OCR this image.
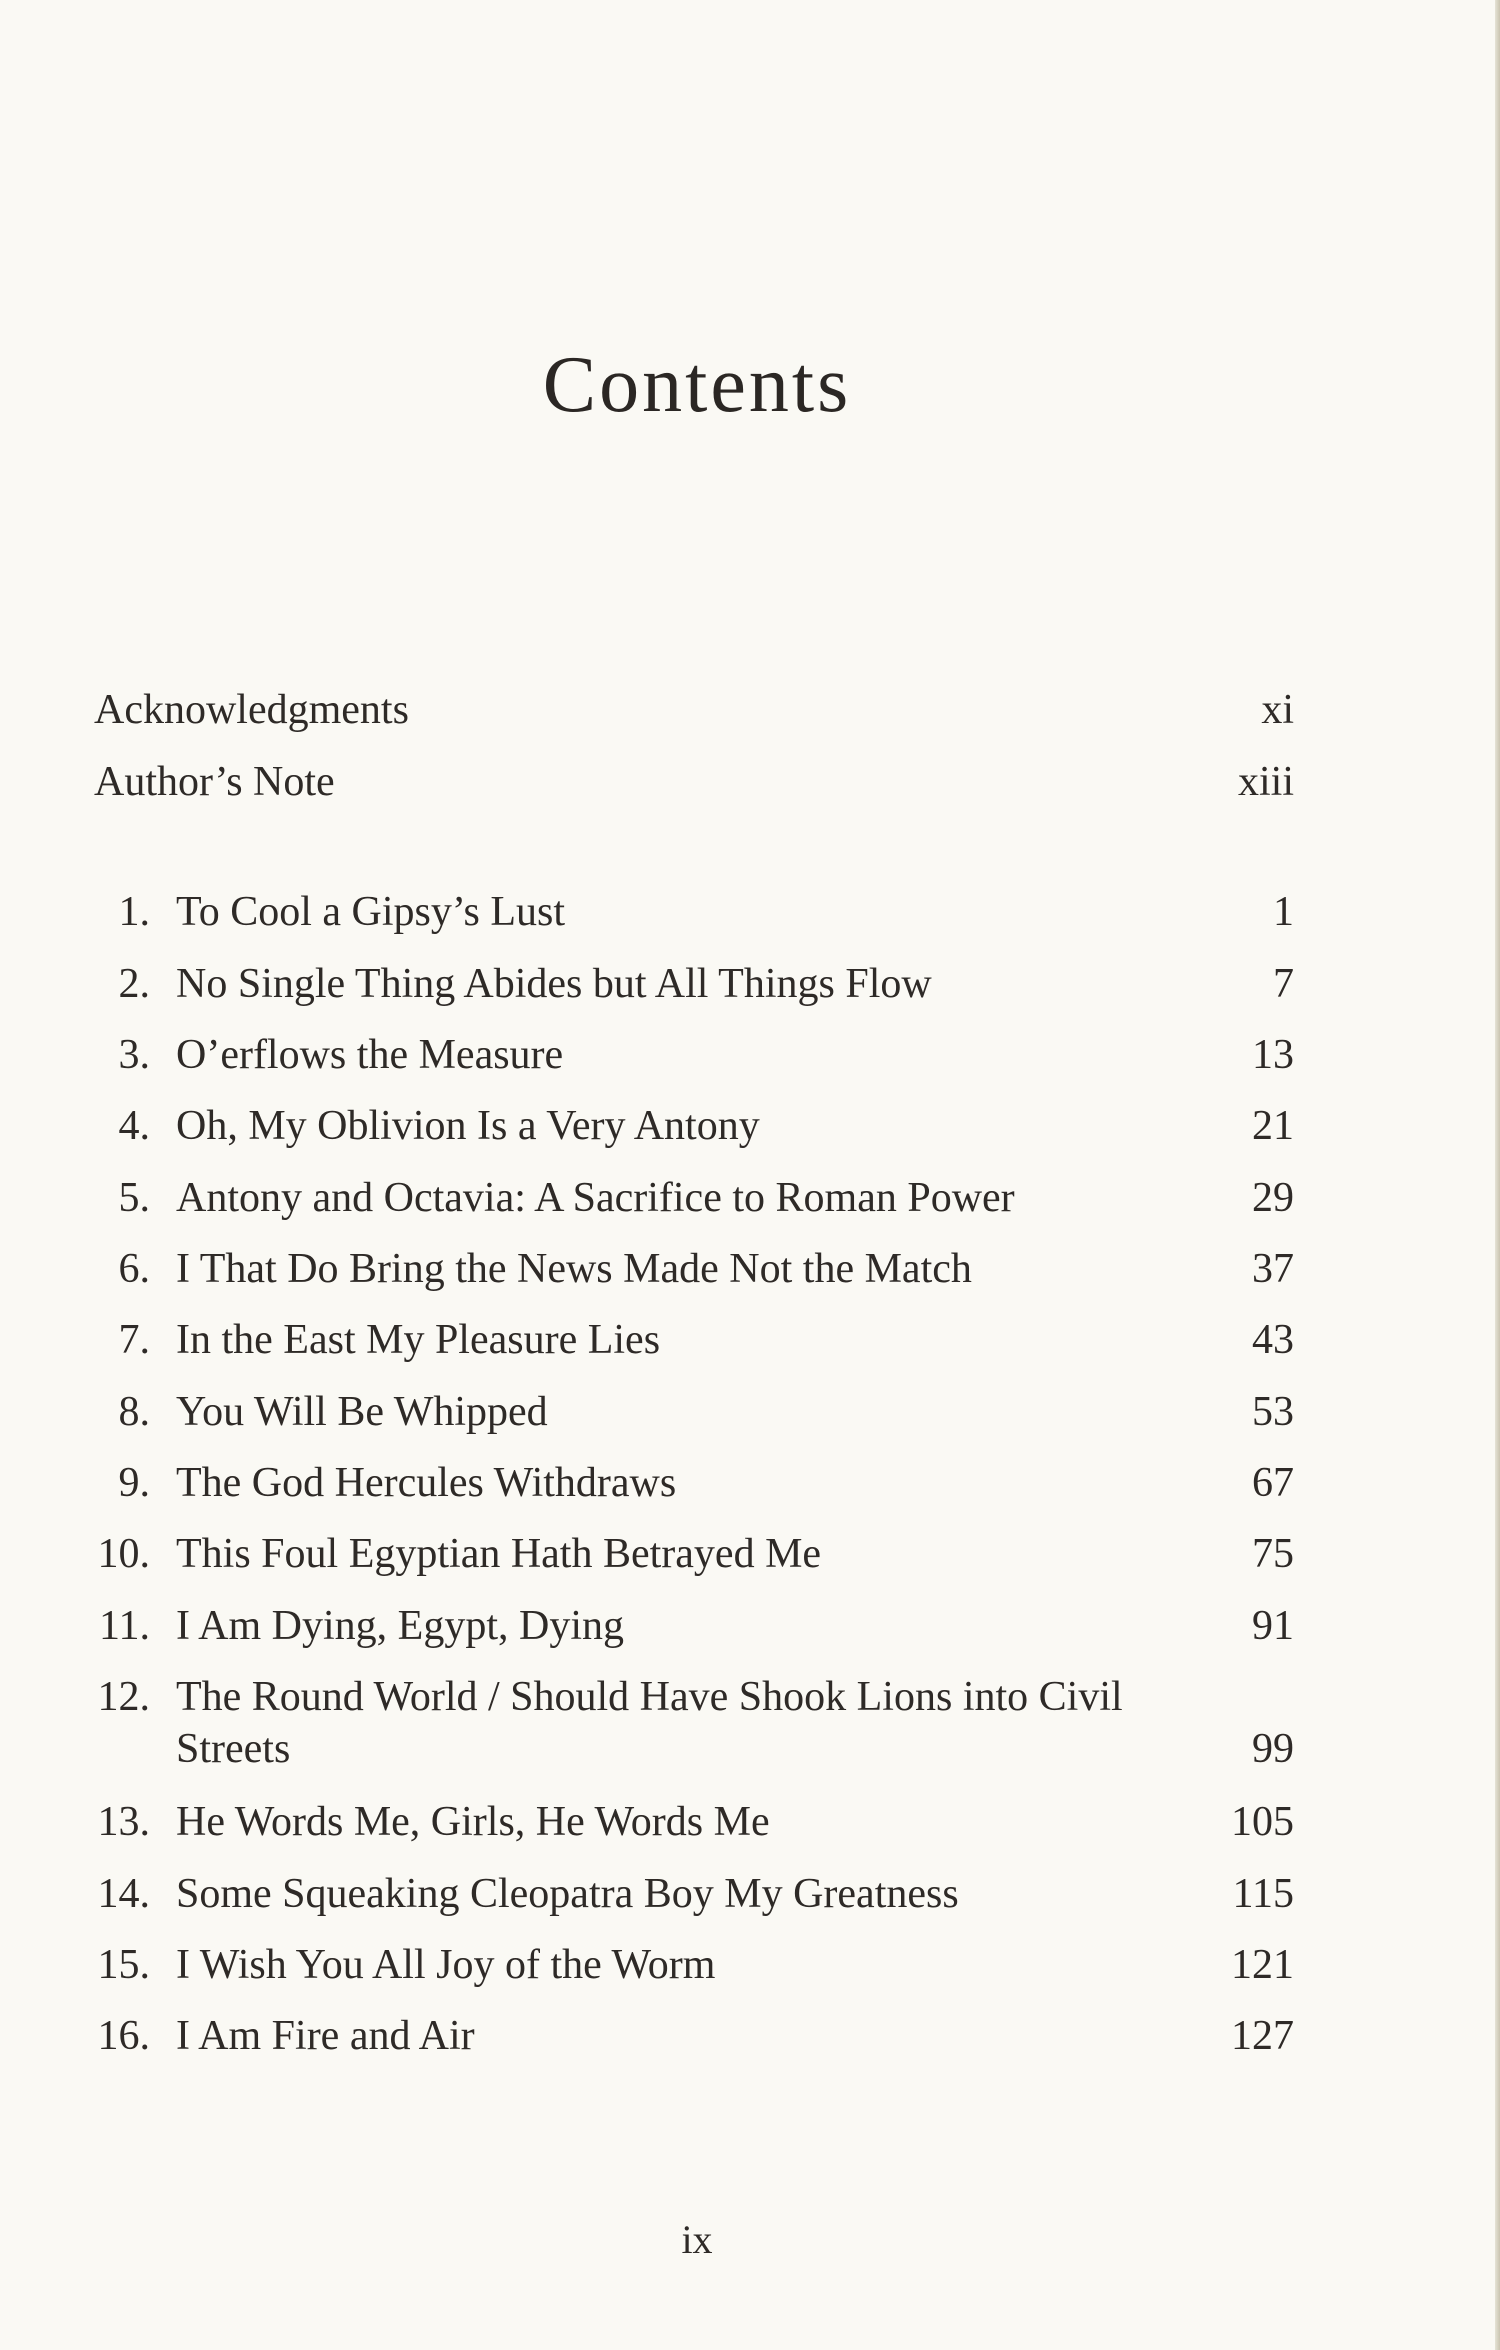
Contents
Acknowledgments	xi
Author’s Note	xiii
1. To Cool a Gipsy’s Lust	1
2. No Single Thing Abides but All Things Flow	7
3. O’erflows the Measure	13
4. Oh, My Oblivion Is a Very Antony	21
5. Antony and Octavia: A Sacrifice to Roman Power	29
6. I That Do Bring the News Made Not the Match	37
7. In the East My Pleasure Lies	43
8. You Will Be Whipped	53
9. The God Hercules Withdraws	67
10. This Foul Egyptian Hath Betrayed Me	75
11. I Am Dying, Egypt, Dying	91
12. The Round World / Should Have Shook Lions into Civil Streets	99
13. He Words Me, Girls, He Words Me	105
14. Some Squeaking Cleopatra Boy My Greatness	115
15. I Wish You All Joy of the Worm	121
16. I Am Fire and Air	127
ix
